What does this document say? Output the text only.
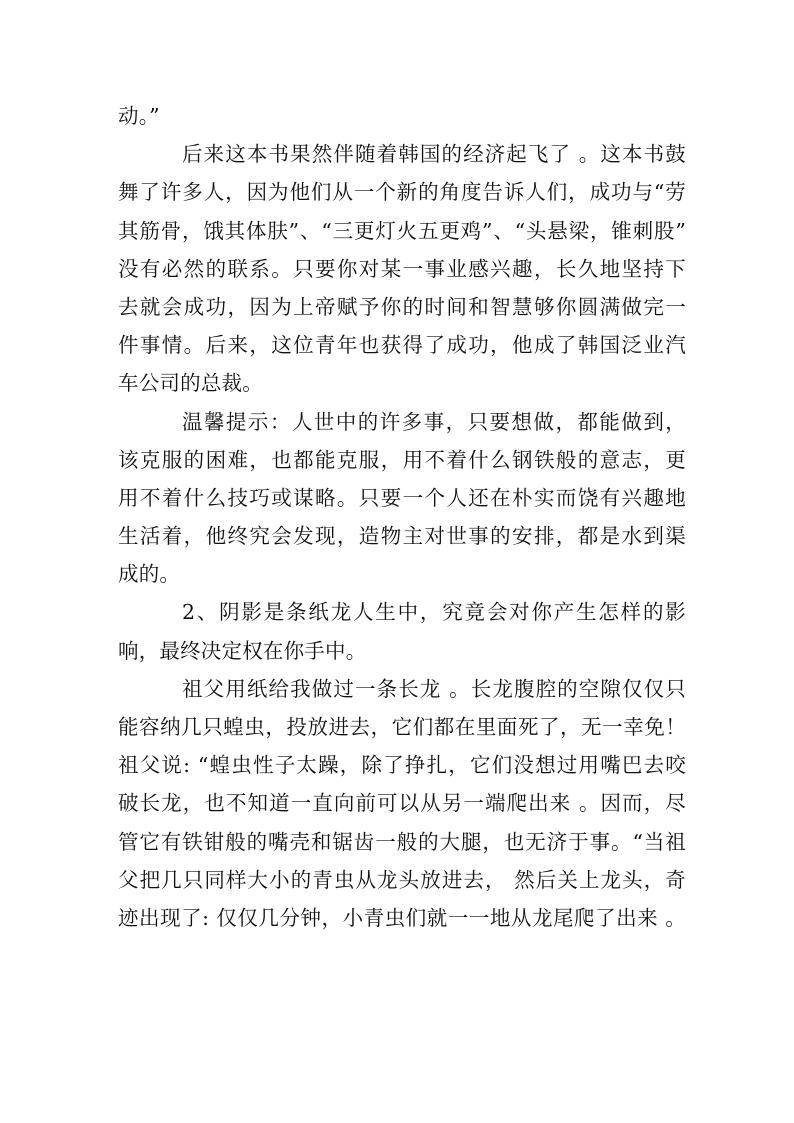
动。”
后来这本书果然伴随着韩国的经济起飞了 。这本书鼓
舞了许多人，因为他们从一个新的角度告诉人们，成功与“劳
其筋骨，饿其体肤”、“三更灯火五更鸡”、“头悬梁，锥刺股”
没有必然的联系。只要你对某一事业感兴趣，长久地坚持下
去就会成功，因为上帝赋予你的时间和智慧够你圆满做完一
件事情。后来，这位青年也获得了成功，他成了韩国泛业汽
车公司的总裁。
温馨提示：人世中的许多事，只要想做，都能做到，
该克服的困难，也都能克服，用不着什么钢铁般的意志，更
用不着什么技巧或谋略。只要一个人还在朴实而饶有兴趣地
生活着，他终究会发现，造物主对世事的安排，都是水到渠
成的。
2、阴影是条纸龙人生中，究竟会对你产生怎样的影
响，最终决定权在你手中。
祖父用纸给我做过一条长龙 。长龙腹腔的空隙仅仅只
能容纳几只蝗虫，投放进去，它们都在里面死了，无一幸免！
祖父说: “蝗虫性子太躁，除了挣扎，它们没想过用嘴巴去咬
破长龙，也不知道一直向前可以从另一端爬出来 。因而，尽
管它有铁钳般的嘴壳和锯齿一般的大腿，也无济于事。“当祖
父把几只同样大小的青虫从龙头放进去， 然后关上龙头，奇
迹出现了: 仅仅几分钟，小青虫们就一一地从龙尾爬了出来 。
